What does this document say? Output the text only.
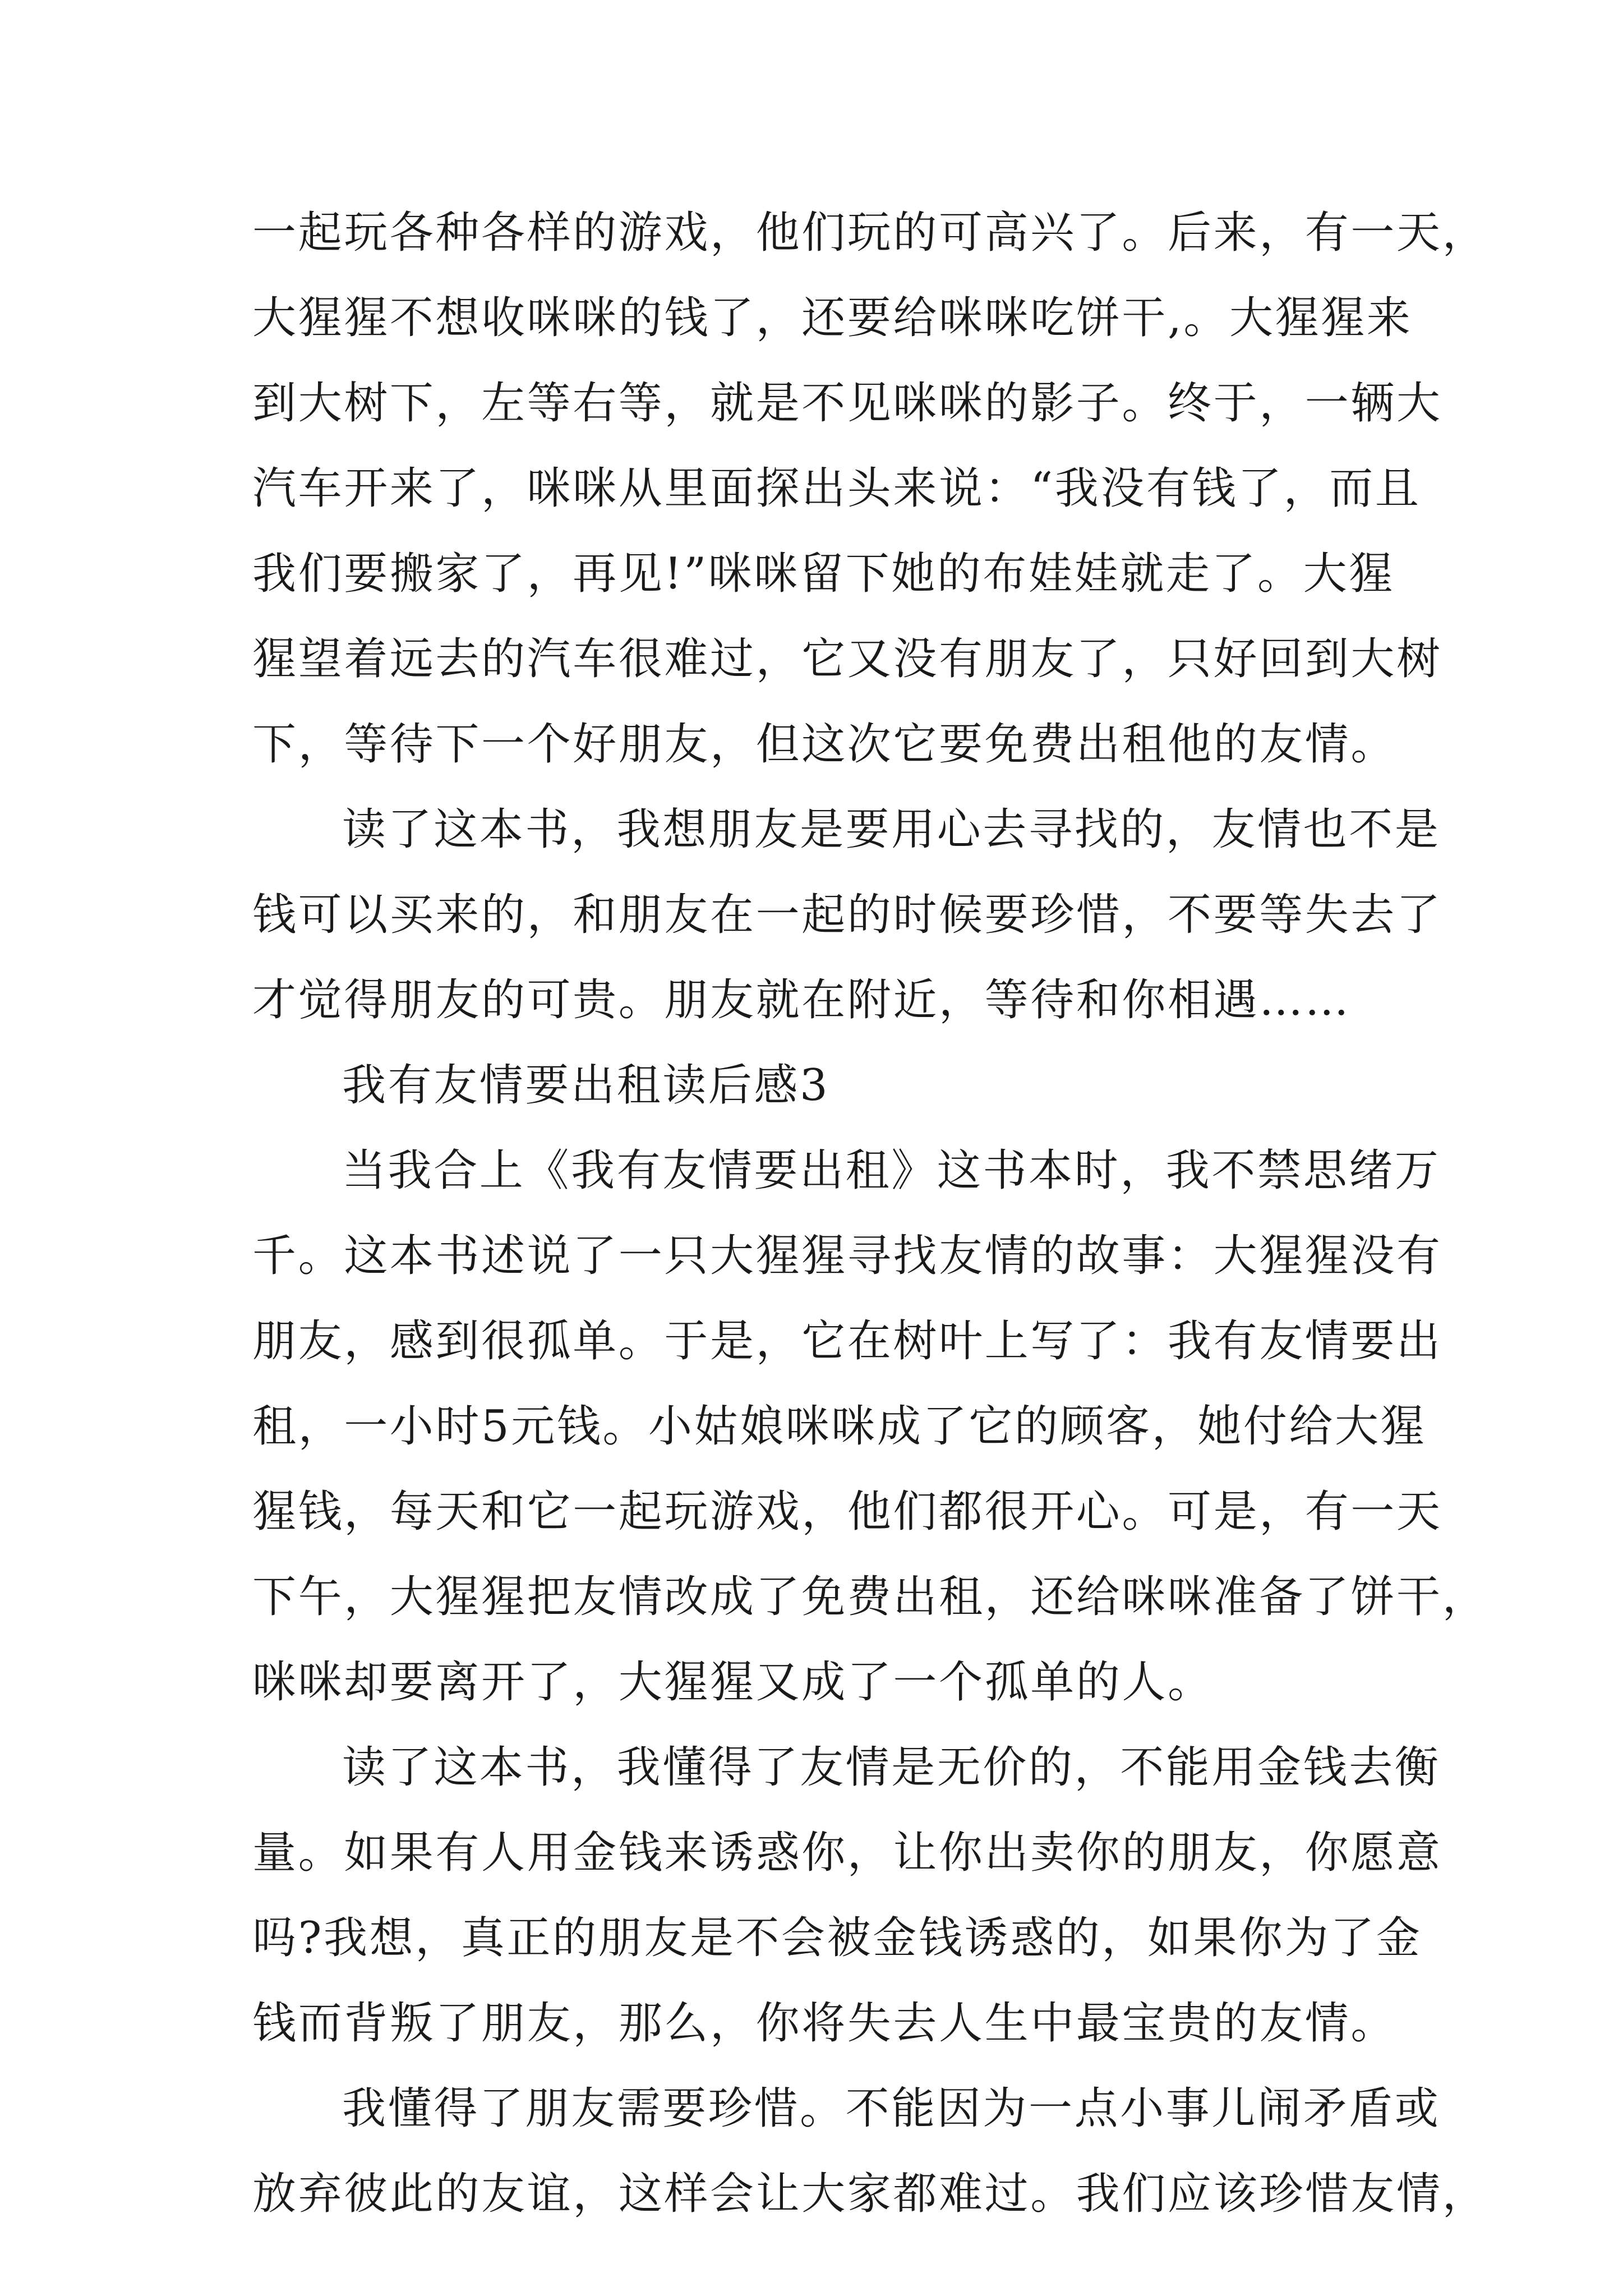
一起玩各种各样的游戏，他们玩的可高兴了。后来，有一天，
大猩猩不想收咪咪的钱了，还要给咪咪吃饼干,。大猩猩来
到大树下，左等右等，就是不见咪咪的影子。终于，一辆大
汽车开来了，咪咪从里面探出头来说：“我没有钱了，而且
我们要搬家了，再见!”咪咪留下她的布娃娃就走了。大猩
猩望着远去的汽车很难过，它又没有朋友了，只好回到大树
下，等待下一个好朋友，但这次它要免费出租他的友情。
读了这本书，我想朋友是要用心去寻找的，友情也不是
钱可以买来的，和朋友在一起的时候要珍惜，不要等失去了
才觉得朋友的可贵。朋友就在附近，等待和你相遇……
我有友情要出租读后感3
当我合上《我有友情要出租》这书本时，我不禁思绪万
千。这本书述说了一只大猩猩寻找友情的故事：大猩猩没有
朋友，感到很孤单。于是，它在树叶上写了：我有友情要出
租，一小时5元钱。小姑娘咪咪成了它的顾客，她付给大猩
猩钱，每天和它一起玩游戏，他们都很开心。可是，有一天
下午，大猩猩把友情改成了免费出租，还给咪咪准备了饼干，
咪咪却要离开了，大猩猩又成了一个孤单的人。
读了这本书，我懂得了友情是无价的，不能用金钱去衡
量。如果有人用金钱来诱惑你，让你出卖你的朋友，你愿意
吗?我想，真正的朋友是不会被金钱诱惑的，如果你为了金
钱而背叛了朋友，那么，你将失去人生中最宝贵的友情。
我懂得了朋友需要珍惜。不能因为一点小事儿闹矛盾或
放弃彼此的友谊，这样会让大家都难过。我们应该珍惜友情，
